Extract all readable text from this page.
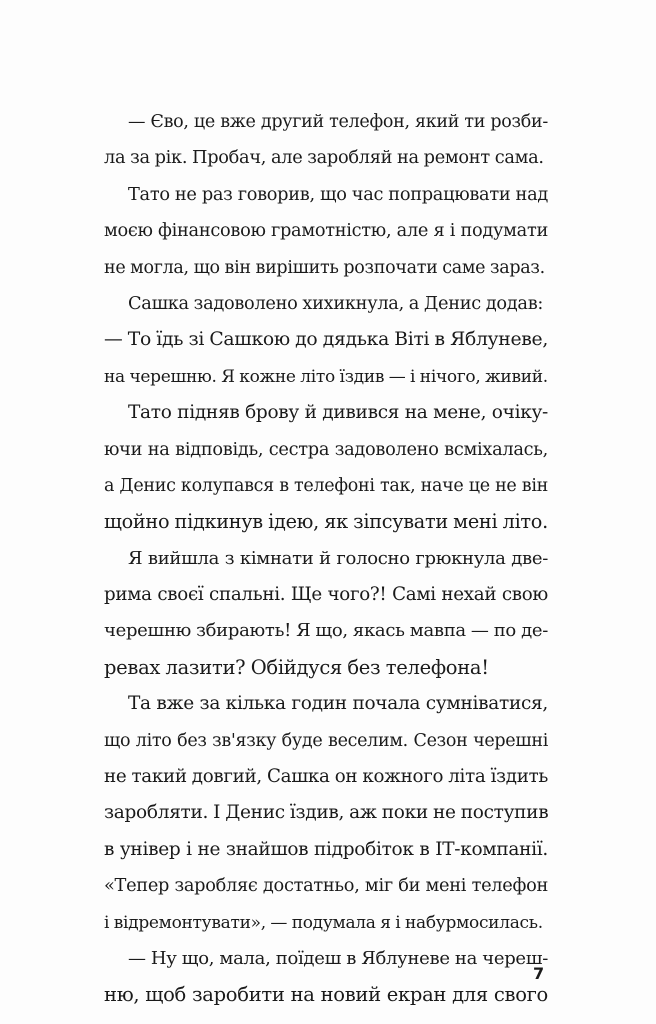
— Єво, це вже другий телефон, який ти розби-
ла за рік. Пробач, але заробляй на ремонт сама.
Тато не раз говорив, що час попрацювати над
моєю фінансовою грамотністю, але я і подумати
не могла, що він вирішить розпочати саме зараз.
Сашка задоволено хихикнула, а Денис додав:
— То їдь зі Сашкою до дядька Віті в Яблуневе,
на черешню. Я кожне літо їздив — і нічого, живий.
Тато підняв брову й дивився на мене, очіку-
ючи на відповідь, сестра задоволено всміхалась,
а Денис колупався в телефоні так, наче це не він
щойно підкинув ідею, як зіпсувати мені літо.
Я вийшла з кімнати й голосно грюкнула две-
рима своєї спальні. Ще чого?! Самі нехай свою
черешню збирають! Я що, якась мавпа — по де-
ревах лазити? Обійдуся без телефона!
Та вже за кілька годин почала сумніватися,
що літо без зв'язку буде веселим. Сезон черешні
не такий довгий, Сашка он кожного літа їздить
заробляти. І Денис їздив, аж поки не поступив
в універ і не знайшов підробіток в ІТ-компанії.
«Тепер заробляє достатньо, міг би мені телефон
і відремонтувати», — подумала я і набурмосилась.
— Ну що, мала, поїдеш в Яблуневе на череш-
ню, щоб заробити на новий екран для свого
7
